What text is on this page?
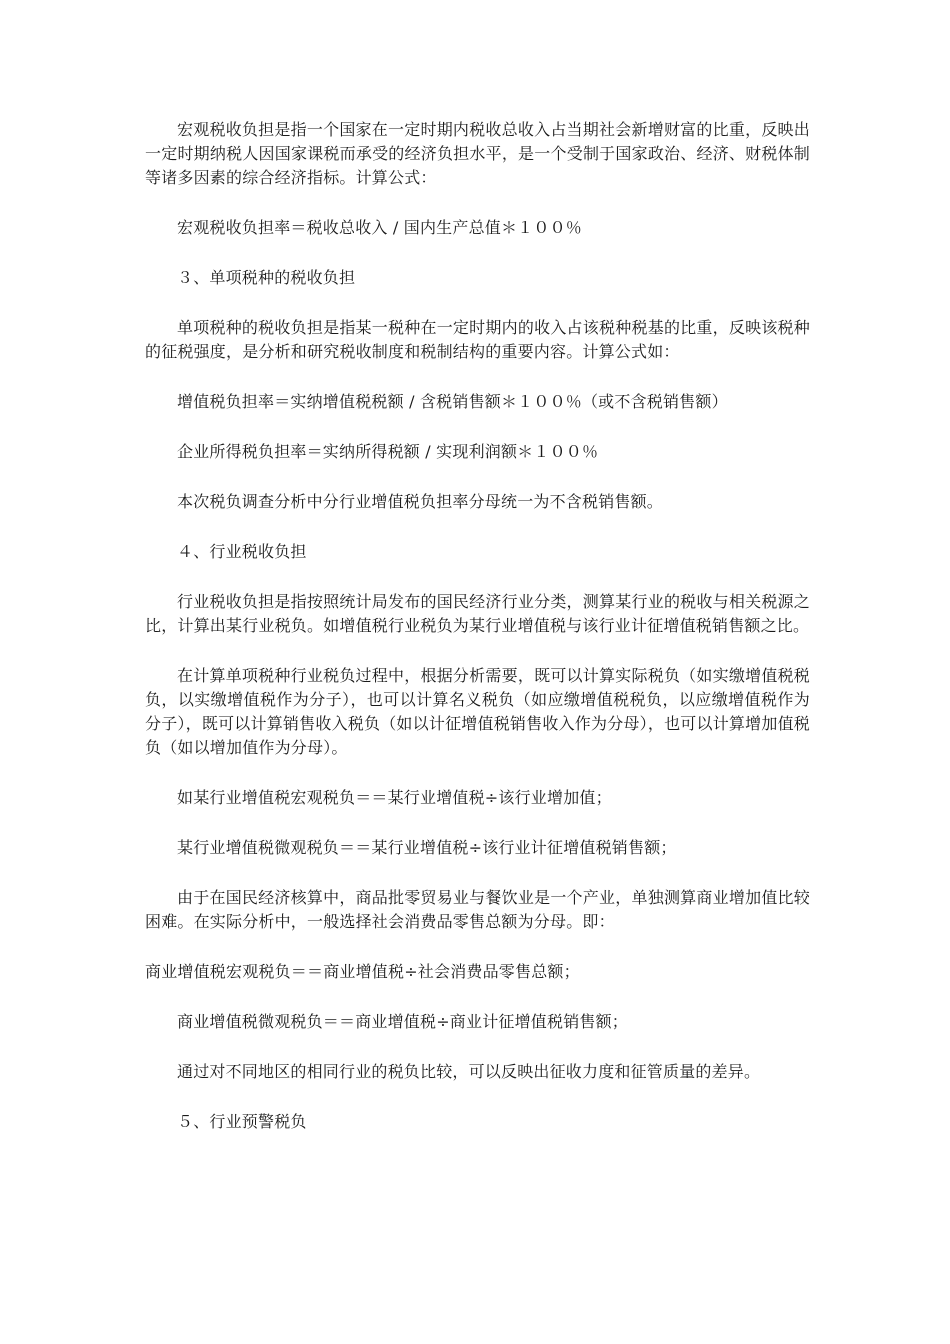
宏观税收负担是指一个国家在一定时期内税收总收入占当期社会新增财富的比重，反映出一定时期纳税人因国家课税而承受的经济负担水平，是一个受制于国家政治、经济、财税体制等诸多因素的综合经济指标。计算公式：

宏观税收负担率＝税收总收入 / 国内生产总值＊１００％

３、单项税种的税收负担

单项税种的税收负担是指某一税种在一定时期内的收入占该税种税基的比重，反映该税种的征税强度，是分析和研究税收制度和税制结构的重要内容。计算公式如：

增值税负担率＝实纳增值税税额 / 含税销售额＊１００％（或不含税销售额）

企业所得税负担率＝实纳所得税额 / 实现利润额＊１００％

本次税负调查分析中分行业增值税负担率分母统一为不含税销售额。

４、行业税收负担

行业税收负担是指按照统计局发布的国民经济行业分类，测算某行业的税收与相关税源之比，计算出某行业税负。如增值税行业税负为某行业增值税与该行业计征增值税销售额之比。

在计算单项税种行业税负过程中，根据分析需要，既可以计算实际税负（如实缴增值税税负，以实缴增值税作为分子），也可以计算名义税负（如应缴增值税税负，以应缴增值税作为分子），既可以计算销售收入税负（如以计征增值税销售收入作为分母），也可以计算增加值税负（如以增加值作为分母）。

如某行业增值税宏观税负＝＝某行业增值税÷该行业增加值；

某行业增值税微观税负＝＝某行业增值税÷该行业计征增值税销售额；

由于在国民经济核算中，商品批零贸易业与餐饮业是一个产业，单独测算商业增加值比较困难。在实际分析中，一般选择社会消费品零售总额为分母。即：

商业增值税宏观税负＝＝商业增值税÷社会消费品零售总额；

商业增值税微观税负＝＝商业增值税÷商业计征增值税销售额；

通过对不同地区的相同行业的税负比较，可以反映出征收力度和征管质量的差异。

５、行业预警税负
